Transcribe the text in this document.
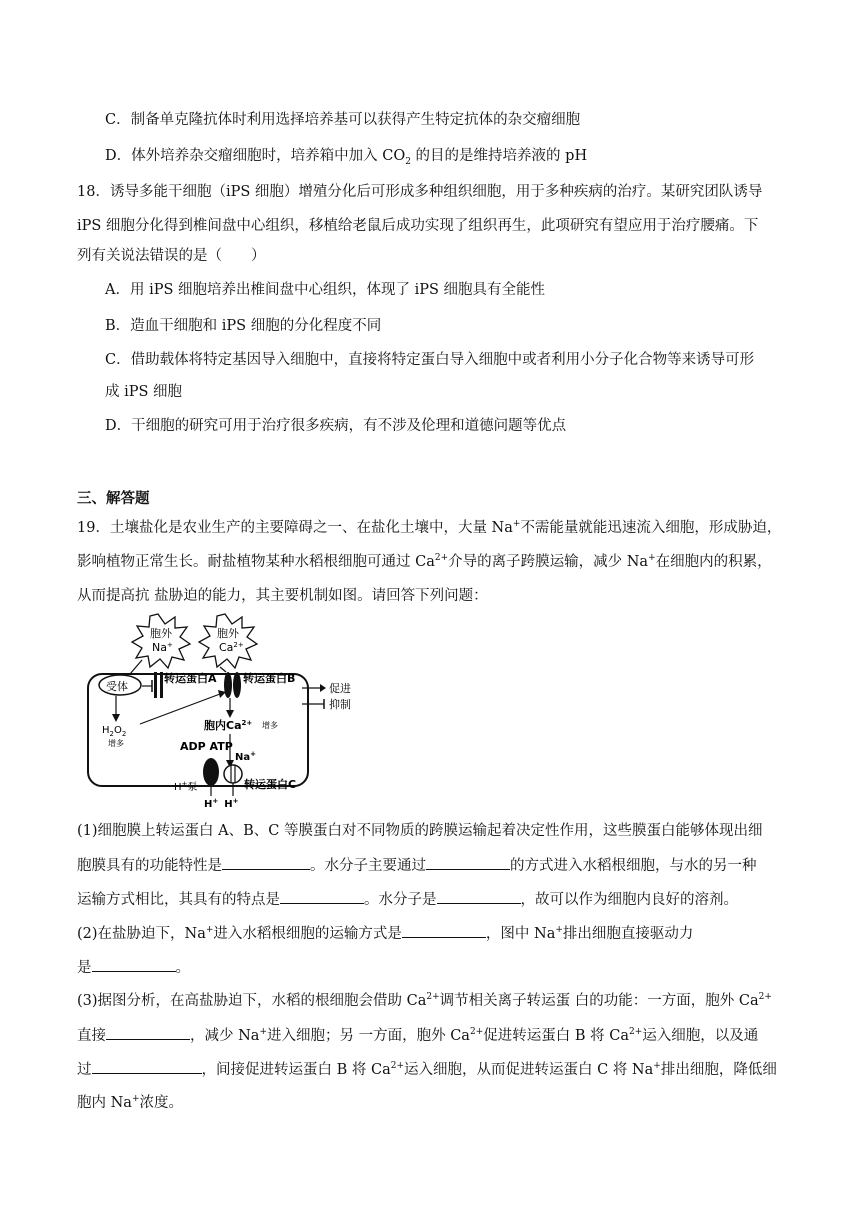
C．制备单克隆抗体时利用选择培养基可以获得产生特定抗体的杂交瘤细胞
D．体外培养杂交瘤细胞时，培养箱中加入 $CO_2$ 的目的是维持培养液的 pH
18．诱导多能干细胞（iPS 细胞）增殖分化后可形成多种组织细胞，用于多种疾病的治疗。某研究团队诱导
iPS 细胞分化得到椎间盘中心组织，移植给老鼠后成功实现了组织再生，此项研究有望应用于治疗腰痛。下
列有关说法错误的是（　　）
A．用 iPS 细胞培养出椎间盘中心组织，体现了 iPS 细胞具有全能性
B．造血干细胞和 iPS 细胞的分化程度不同
C．借助载体将特定基因导入细胞中，直接将特定蛋白导入细胞中或者利用小分子化合物等来诱导可形
成 iPS 细胞
D．干细胞的研究可用于治疗很多疾病，有不涉及伦理和道德问题等优点
三、解答题
19．土壤盐化是农业生产的主要障碍之一、在盐化土壤中，大量 Na+不需能量就能迅速流入细胞，形成胁迫，
影响植物正常生长。耐盐植物某种水稻根细胞可通过 $Ca^{2+}$介导的离子跨膜运输，减少 Na+在细胞内的积累，
从而提高抗 盐胁迫的能力，其主要机制如图。请回答下列问题：
胞外
Na+
胞外
$Ca^{2+}$
受体
转运蛋白A 转运蛋白B
促进
抑制
$H_2O_2$
增多
胞内$Ca^{2+}$ 增多
ADP ATP
H+泵	转运蛋白C
Na+
H+ H+
(1)细胞膜上转运蛋白 A、B、C 等膜蛋白对不同物质的跨膜运输起着决定性作用，这些膜蛋白能够体现出细
胞膜具有的功能特性是	。水分子主要通过	的方式进入水稻根细胞，与水的另一种
运输方式相比，其具有的特点是	。水分子是	，故可以作为细胞内良好的溶剂。
(2)在盐胁迫下，Na+进入水稻根细胞的运输方式是	，图中 Na+排出细胞直接驱动力
是	。
(3)据图分析，在高盐胁迫下，水稻的根细胞会借助 $Ca^{2+}$调节相关离子转运蛋 白的功能：一方面，胞外 $Ca^{2+}$
直接	，减少 Na+进入细胞；另 一方面，胞外 $Ca^{2+}$促进转运蛋白 B 将 $Ca^{2+}$运入细胞，以及通
过	，间接促进转运蛋白 B 将 $Ca^{2+}$运入细胞，从而促进转运蛋白 C 将 Na+排出细胞，降低细
胞内 Na+浓度。
